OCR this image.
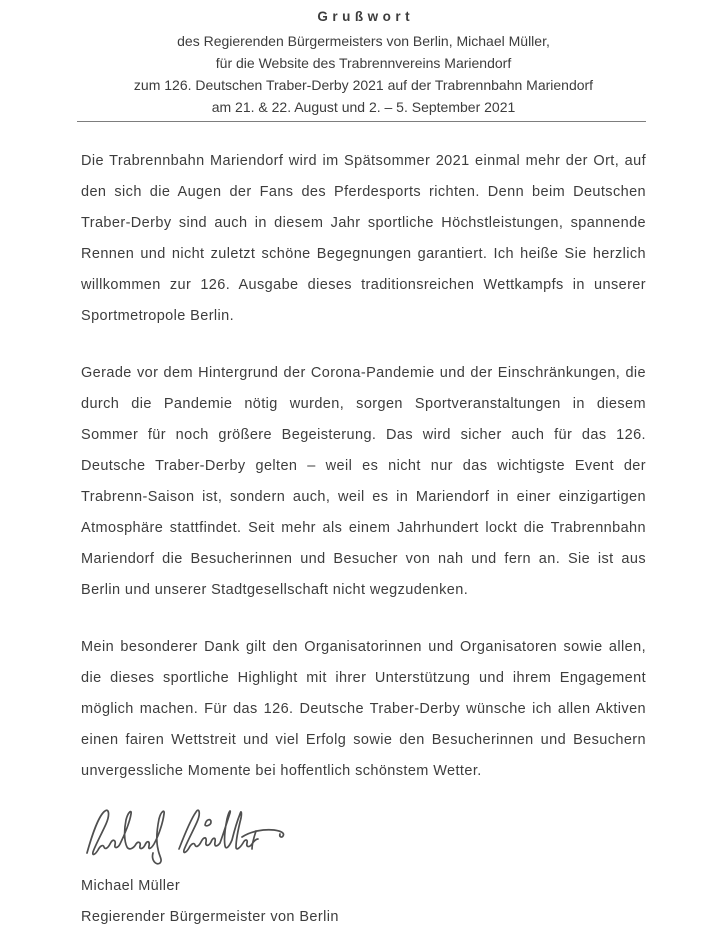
Grußwort

des Regierenden Bürgermeisters von Berlin, Michael Müller,

für die Website des Trabrennvereins Mariendorf

zum 126. Deutschen Traber-Derby 2021 auf der Trabrennbahn Mariendorf

am 21. & 22. August und 2. – 5. September 2021

Die Trabrennbahn Mariendorf wird im Spätsommer 2021 einmal mehr der Ort, auf den sich die Augen der Fans des Pferdesports richten. Denn beim Deutschen Traber-Derby sind auch in diesem Jahr sportliche Höchstleistungen, spannende Rennen und nicht zuletzt schöne Begegnungen garantiert. Ich heiße Sie herzlich willkommen zur 126. Ausgabe dieses traditionsreichen Wettkampfs in unserer Sportmetropole Berlin.

Gerade vor dem Hintergrund der Corona-Pandemie und der Einschränkungen, die durch die Pandemie nötig wurden, sorgen Sportveranstaltungen in diesem Sommer für noch größere Begeisterung. Das wird sicher auch für das 126. Deutsche Traber-Derby gelten – weil es nicht nur das wichtigste Event der Trabrenn-Saison ist, sondern auch, weil es in Mariendorf in einer einzigartigen Atmosphäre stattfindet. Seit mehr als einem Jahrhundert lockt die Trabrennbahn Mariendorf die Besucherinnen und Besucher von nah und fern an. Sie ist aus Berlin und unserer Stadtgesellschaft nicht wegzudenken.

Mein besonderer Dank gilt den Organisatorinnen und Organisatoren sowie allen, die dieses sportliche Highlight mit ihrer Unterstützung und ihrem Engagement möglich machen. Für das 126. Deutsche Traber-Derby wünsche ich allen Aktiven einen fairen Wettstreit und viel Erfolg sowie den Besucherinnen und Besuchern unvergessliche Momente bei hoffentlich schönstem Wetter.

Michael Müller

Regierender Bürgermeister von Berlin
